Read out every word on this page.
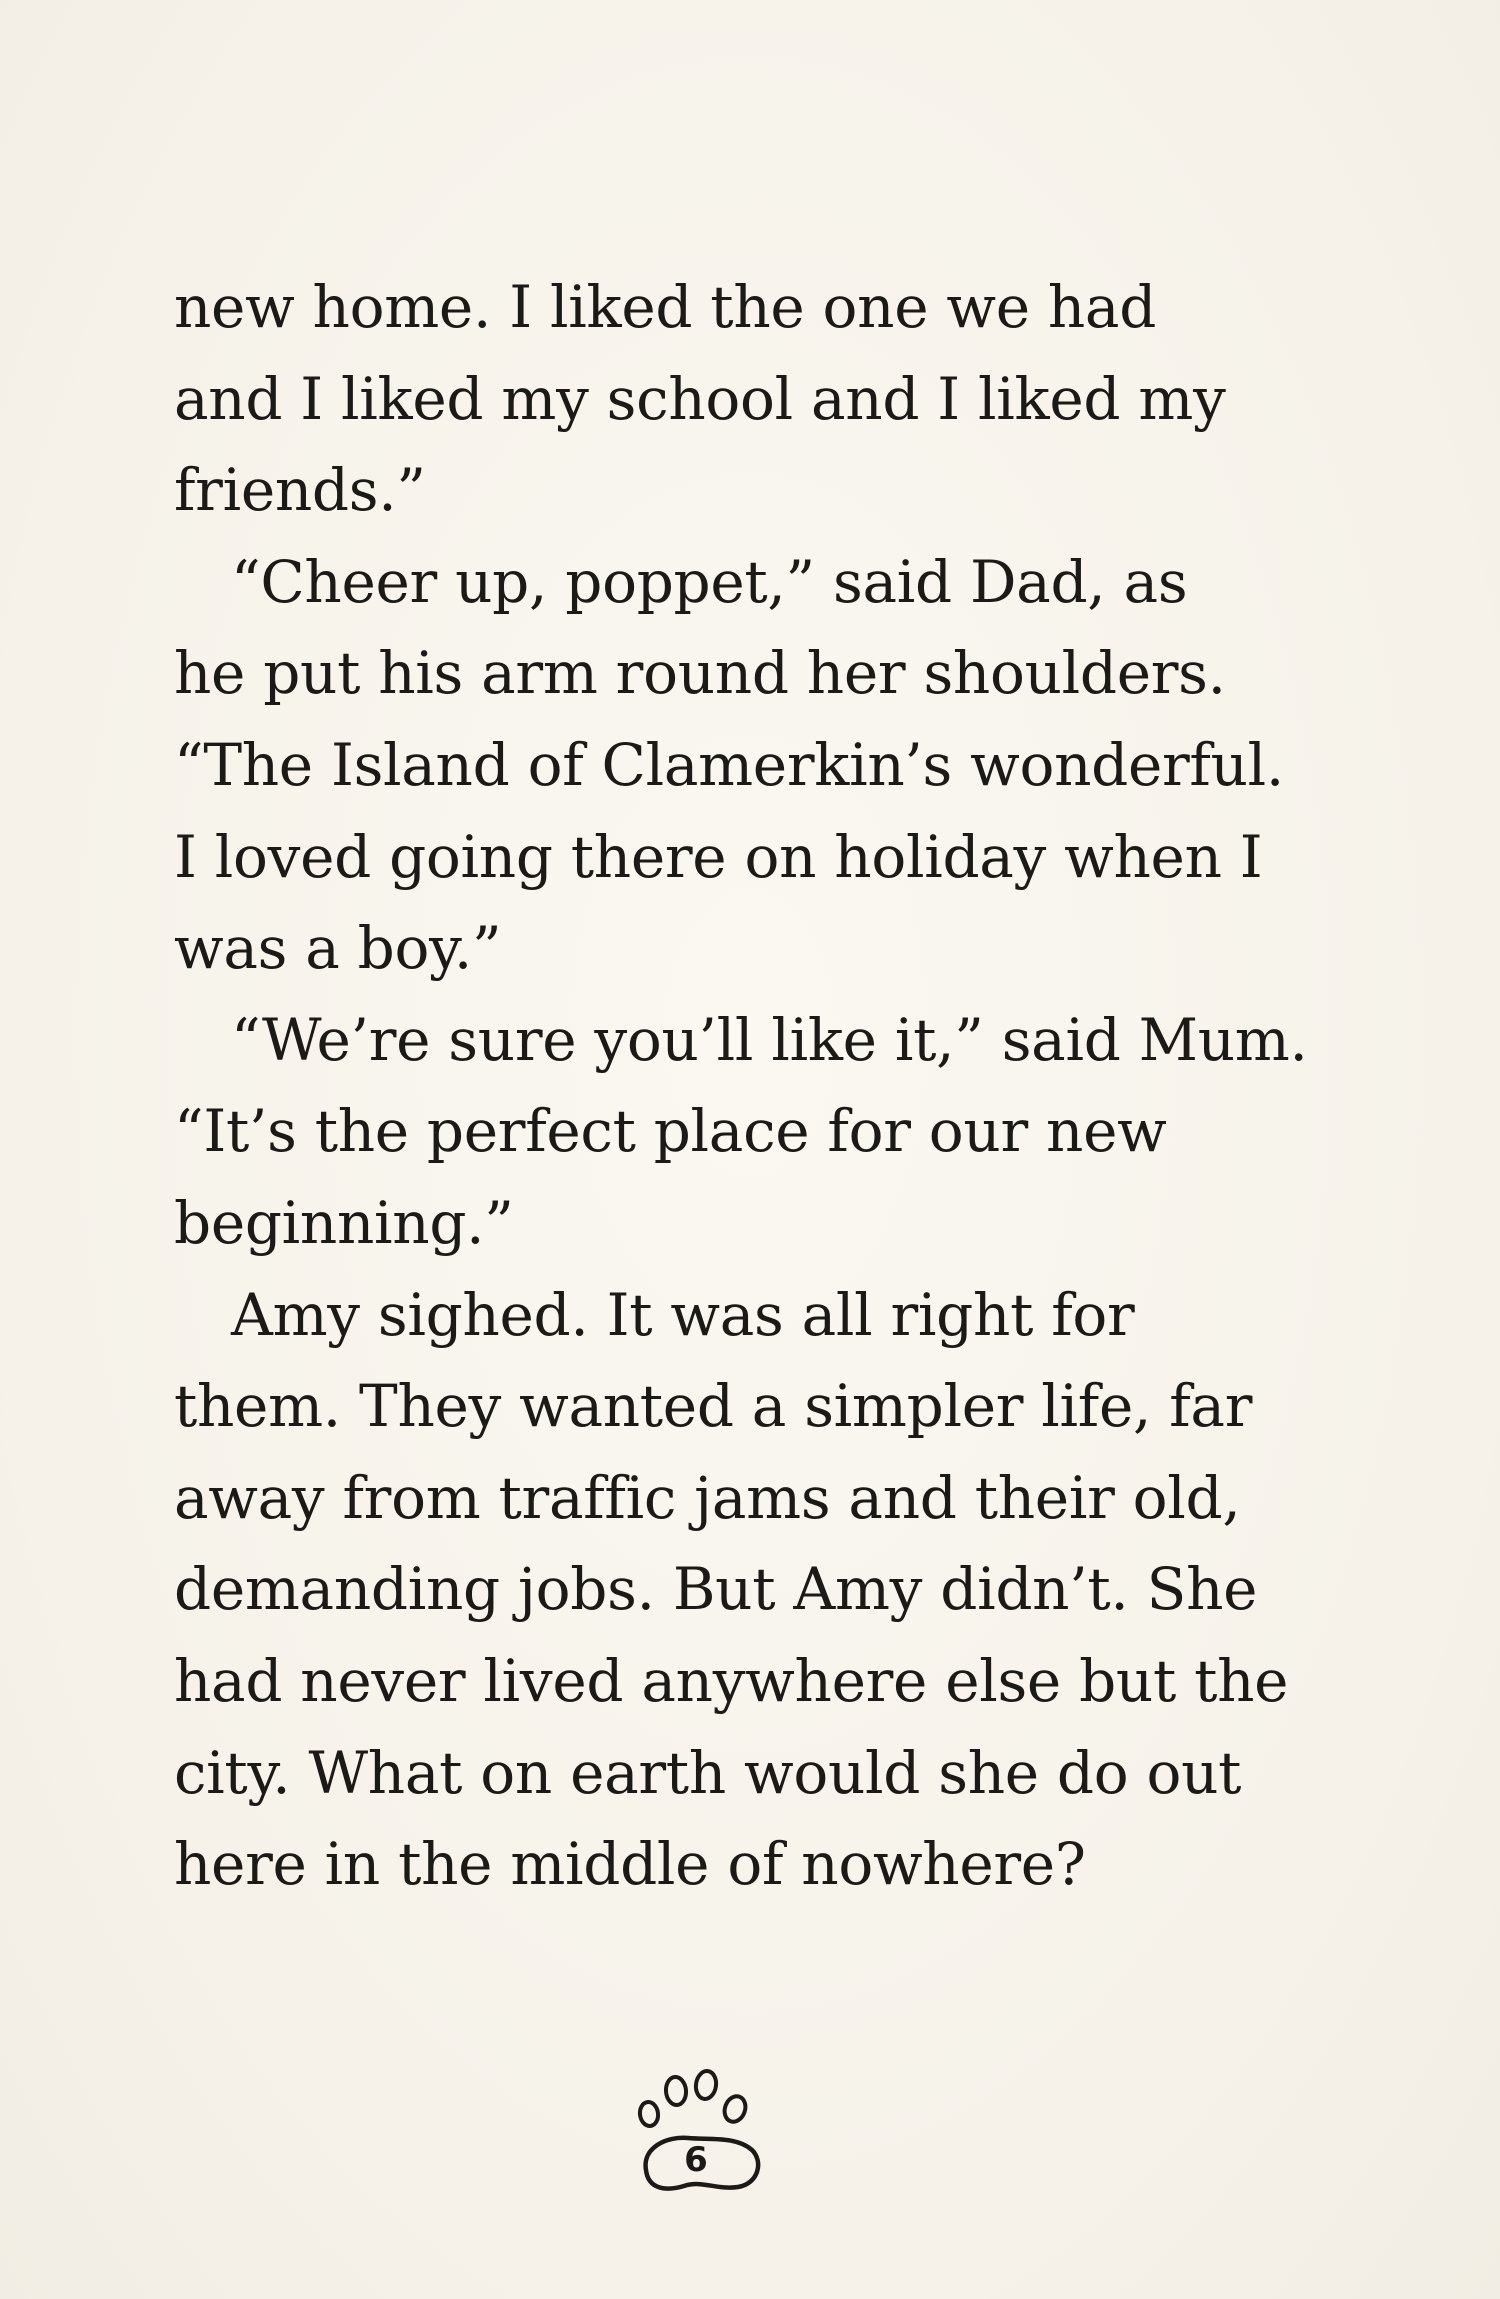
new home. I liked the one we had
and I liked my school and I liked my
friends.”
“Cheer up, poppet,” said Dad, as
he put his arm round her shoulders.
“The Island of Clamerkin’s wonderful.
I loved going there on holiday when I
was a boy.”
“We’re sure you’ll like it,” said Mum.
“It’s the perfect place for our new
beginning.”
Amy sighed. It was all right for
them. They wanted a simpler life, far
away from traffic jams and their old,
demanding jobs. But Amy didn’t. She
had never lived anywhere else but the
city. What on earth would she do out
here in the middle of nowhere?
6
